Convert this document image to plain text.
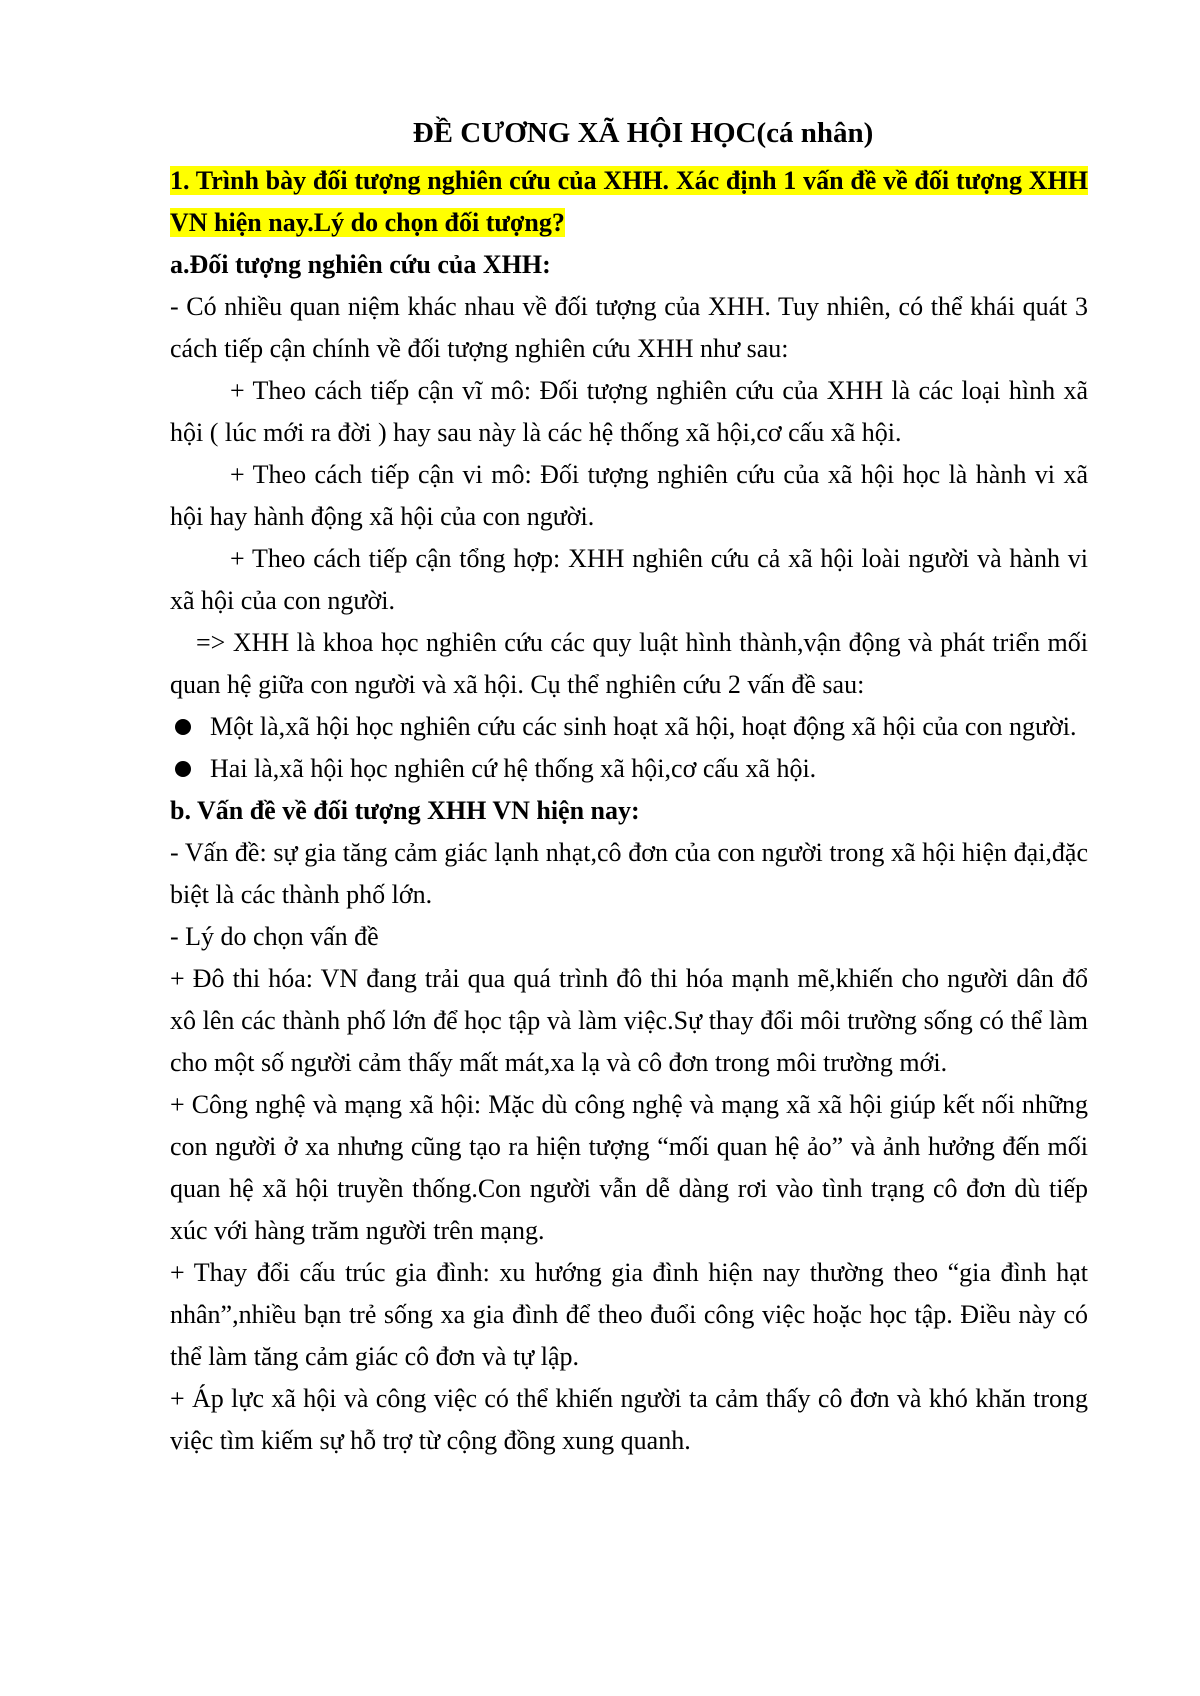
ĐỀ CƯƠNG XÃ HỘI HỌC(cá nhân)
1. Trình bày đối tượng nghiên cứu của XHH. Xác định 1 vấn đề về đối tượng XHH VN hiện nay.Lý do chọn đối tượng?

a.Đối tượng nghiên cứu của XHH:

- Có nhiều quan niệm khác nhau về đối tượng của XHH. Tuy nhiên, có thể khái quát 3 cách tiếp cận chính về đối tượng nghiên cứu XHH như sau:

+ Theo cách tiếp cận vĩ mô: Đối tượng nghiên cứu của XHH là các loại hình xã hội ( lúc mới ra đời ) hay sau này là các hệ thống xã hội,cơ cấu xã hội.

+ Theo cách tiếp cận vi mô: Đối tượng nghiên cứu của xã hội học là hành vi xã hội hay hành động xã hội của con người.

+ Theo cách tiếp cận tổng hợp: XHH nghiên cứu cả xã hội loài người và hành vi xã hội của con người.

=> XHH là khoa học nghiên cứu các quy luật hình thành,vận động và phát triển mối quan hệ giữa con người và xã hội. Cụ thể nghiên cứu 2 vấn đề sau:

Một là,xã hội học nghiên cứu các sinh hoạt xã hội, hoạt động xã hội của con người.
Hai là,xã hội học nghiên cứ hệ thống xã hội,cơ cấu xã hội.

b. Vấn đề về đối tượng XHH VN hiện nay:

- Vấn đề: sự gia tăng cảm giác lạnh nhạt,cô đơn của con người trong xã hội hiện đại,đặc biệt là các thành phố lớn.

- Lý do chọn vấn đề

+ Đô thi hóa: VN đang trải qua quá trình đô thi hóa mạnh mẽ,khiến cho người dân đổ xô lên các thành phố lớn để học tập và làm việc.Sự thay đổi môi trường sống có thể làm cho một số người cảm thấy mất mát,xa lạ và cô đơn trong môi trường mới.

+ Công nghệ và mạng xã hội: Mặc dù công nghệ và mạng xã xã hội giúp kết nối những con người ở xa nhưng cũng tạo ra hiện tượng “mối quan hệ ảo” và ảnh hưởng đến mối quan hệ xã hội truyền thống.Con người vẫn dễ dàng rơi vào tình trạng cô đơn dù tiếp xúc với hàng trăm người trên mạng.

+ Thay đổi cấu trúc gia đình: xu hướng gia đình hiện nay thường theo “gia đình hạt nhân”,nhiều bạn trẻ sống xa gia đình để theo đuổi công việc hoặc học tập. Điều này có thể làm tăng cảm giác cô đơn và tự lập.

+ Áp lực xã hội và công việc có thể khiến người ta cảm thấy cô đơn và khó khăn trong việc tìm kiếm sự hỗ trợ từ cộng đồng xung quanh.
